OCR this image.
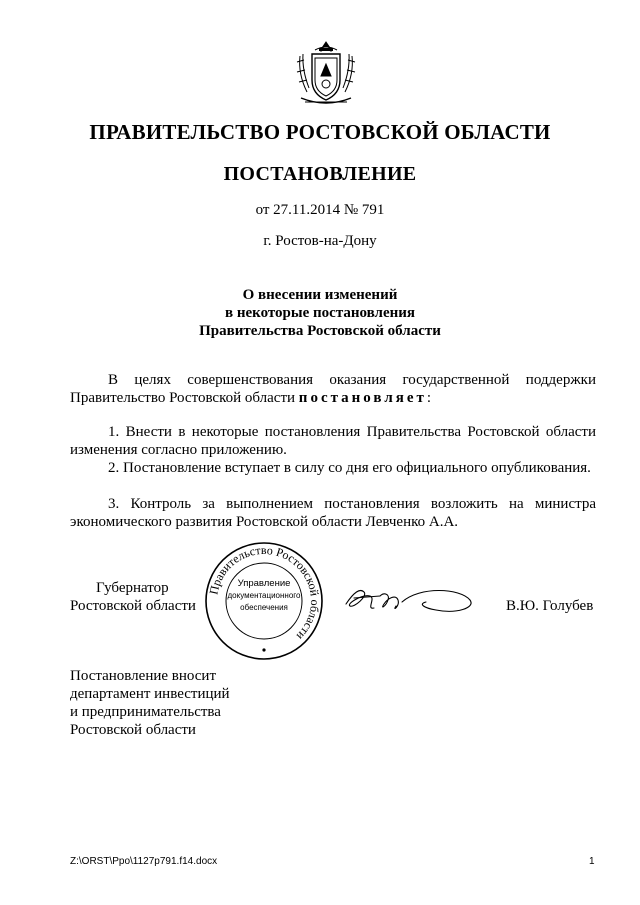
ПРАВИТЕЛЬСТВО РОСТОВСКОЙ ОБЛАСТИ
ПОСТАНОВЛЕНИЕ
от 27.11.2014 № 791
г. Ростов-на-Дону
О внесении изменений
в некоторые постановления
Правительства Ростовской области
В целях совершенствования оказания государственной поддержки Правительство Ростовской области постановляет:
1. Внести в некоторые постановления Правительства Ростовской области изменения согласно приложению.
2. Постановление вступает в силу со дня его официального опубликования.
3. Контроль за выполнением постановления возложить на министра экономического развития Ростовской области Левченко А.А.
Губернатор
Ростовской области
Правительство Ростовской области
Управление
документационного
обеспечения	В.Ю. Голубев
Постановление вносит
департамент инвестиций
и предпринимательства
Ростовской области
Z:\ORST\Ppo\1127p791.f14.docx	1
